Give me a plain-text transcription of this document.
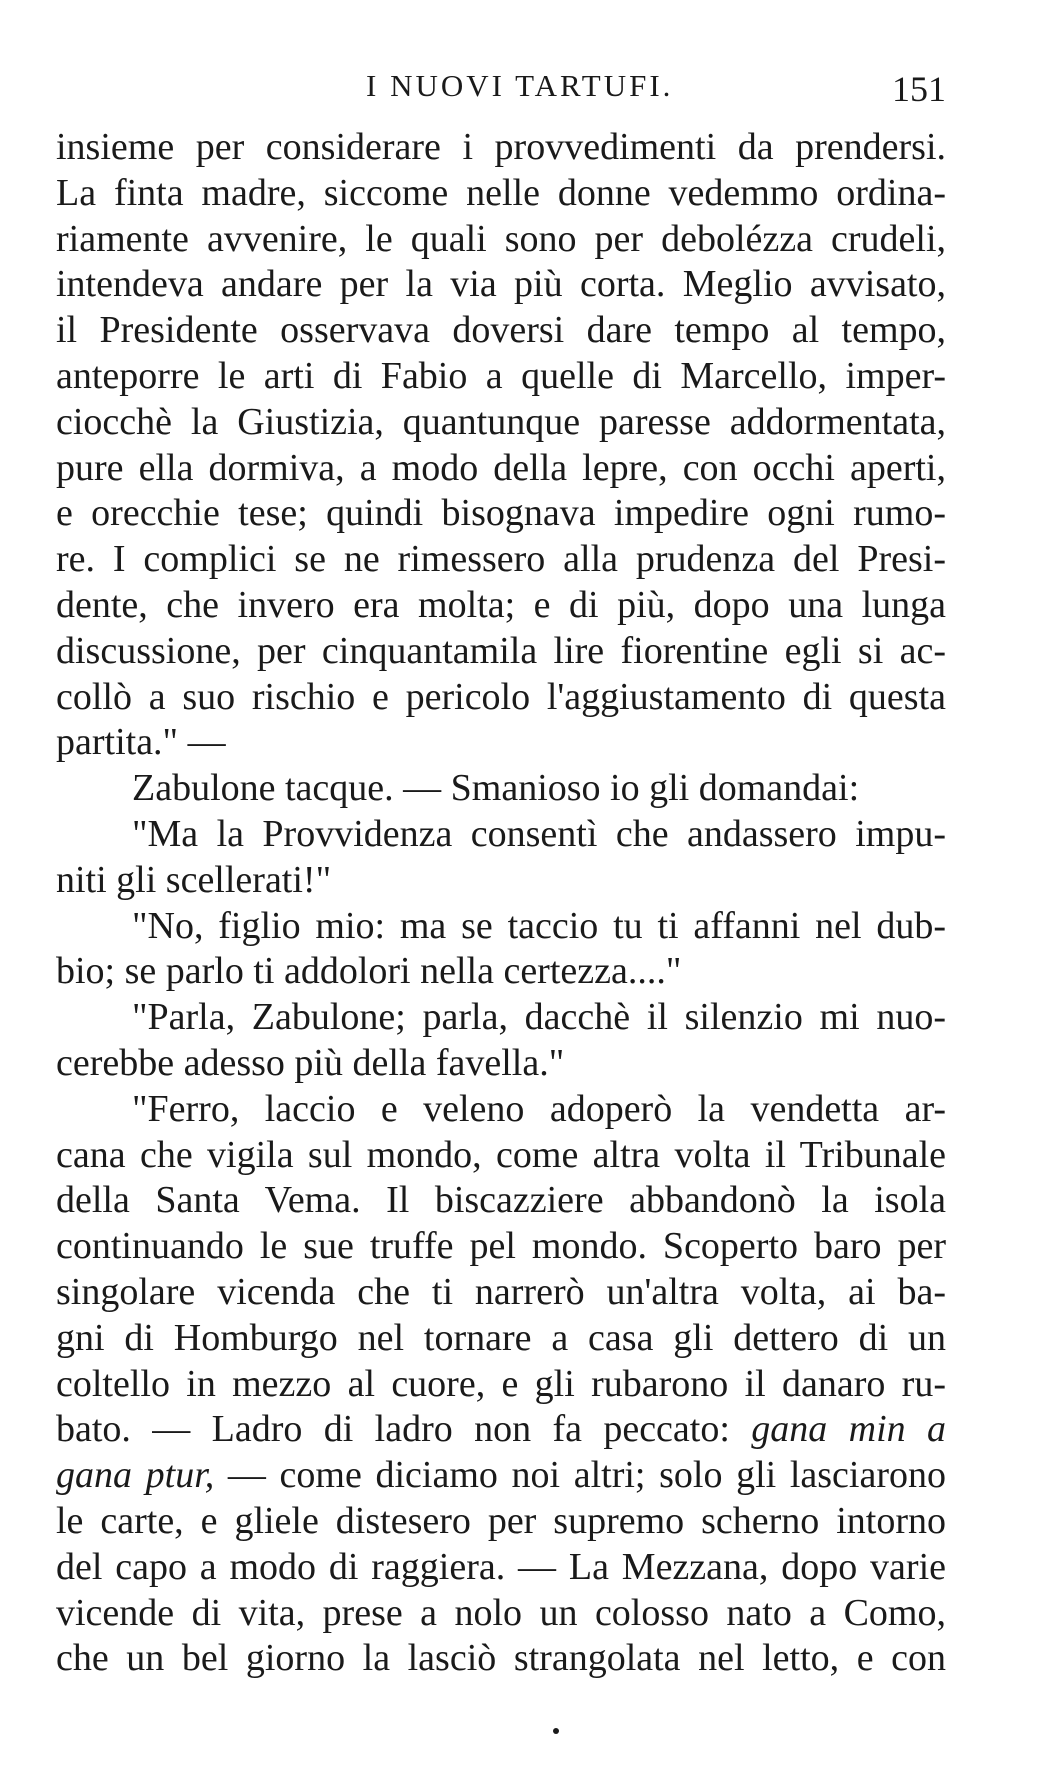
I NUOVI TARTUFI.	151
insieme per considerare i provvedimenti da prendersi.
La finta madre, siccome nelle donne vedemmo ordina-
riamente avvenire, le quali sono per debolézza crudeli,
intendeva andare per la via più corta. Meglio avvisato,
il Presidente osservava doversi dare tempo al tempo,
anteporre le arti di Fabio a quelle di Marcello, imper-
ciocchè la Giustizia, quantunque paresse addormentata,
pure ella dormiva, a modo della lepre, con occhi aperti,
e orecchie tese; quindi bisognava impedire ogni rumo-
re. I complici se ne rimessero alla prudenza del Presi-
dente, che invero era molta; e di più, dopo una lunga
discussione, per cinquantamila lire fiorentine egli si ac-
collò a suo rischio e pericolo l'aggiustamento di questa
partita." —
Zabulone tacque. — Smanioso io gli domandai:
"Ma la Provvidenza consentì che andassero impu-
niti gli scellerati!"
"No, figlio mio: ma se taccio tu ti affanni nel dub-
bio; se parlo ti addolori nella certezza...."
"Parla, Zabulone; parla, dacchè il silenzio mi nuo-
cerebbe adesso più della favella."
"Ferro, laccio e veleno adoperò la vendetta ar-
cana che vigila sul mondo, come altra volta il Tribunale
della Santa Vema. Il biscazziere abbandonò la isola
continuando le sue truffe pel mondo. Scoperto baro per
singolare vicenda che ti narrerò un'altra volta, ai ba-
gni di Homburgo nel tornare a casa gli dettero di un
coltello in mezzo al cuore, e gli rubarono il danaro ru-
bato. — Ladro di ladro non fa peccato: gana min a
gana ptur, — come diciamo noi altri; solo gli lasciarono
le carte, e gliele distesero per supremo scherno intorno
del capo a modo di raggiera. — La Mezzana, dopo varie
vicende di vita, prese a nolo un colosso nato a Como,
che un bel giorno la lasciò strangolata nel letto, e con
